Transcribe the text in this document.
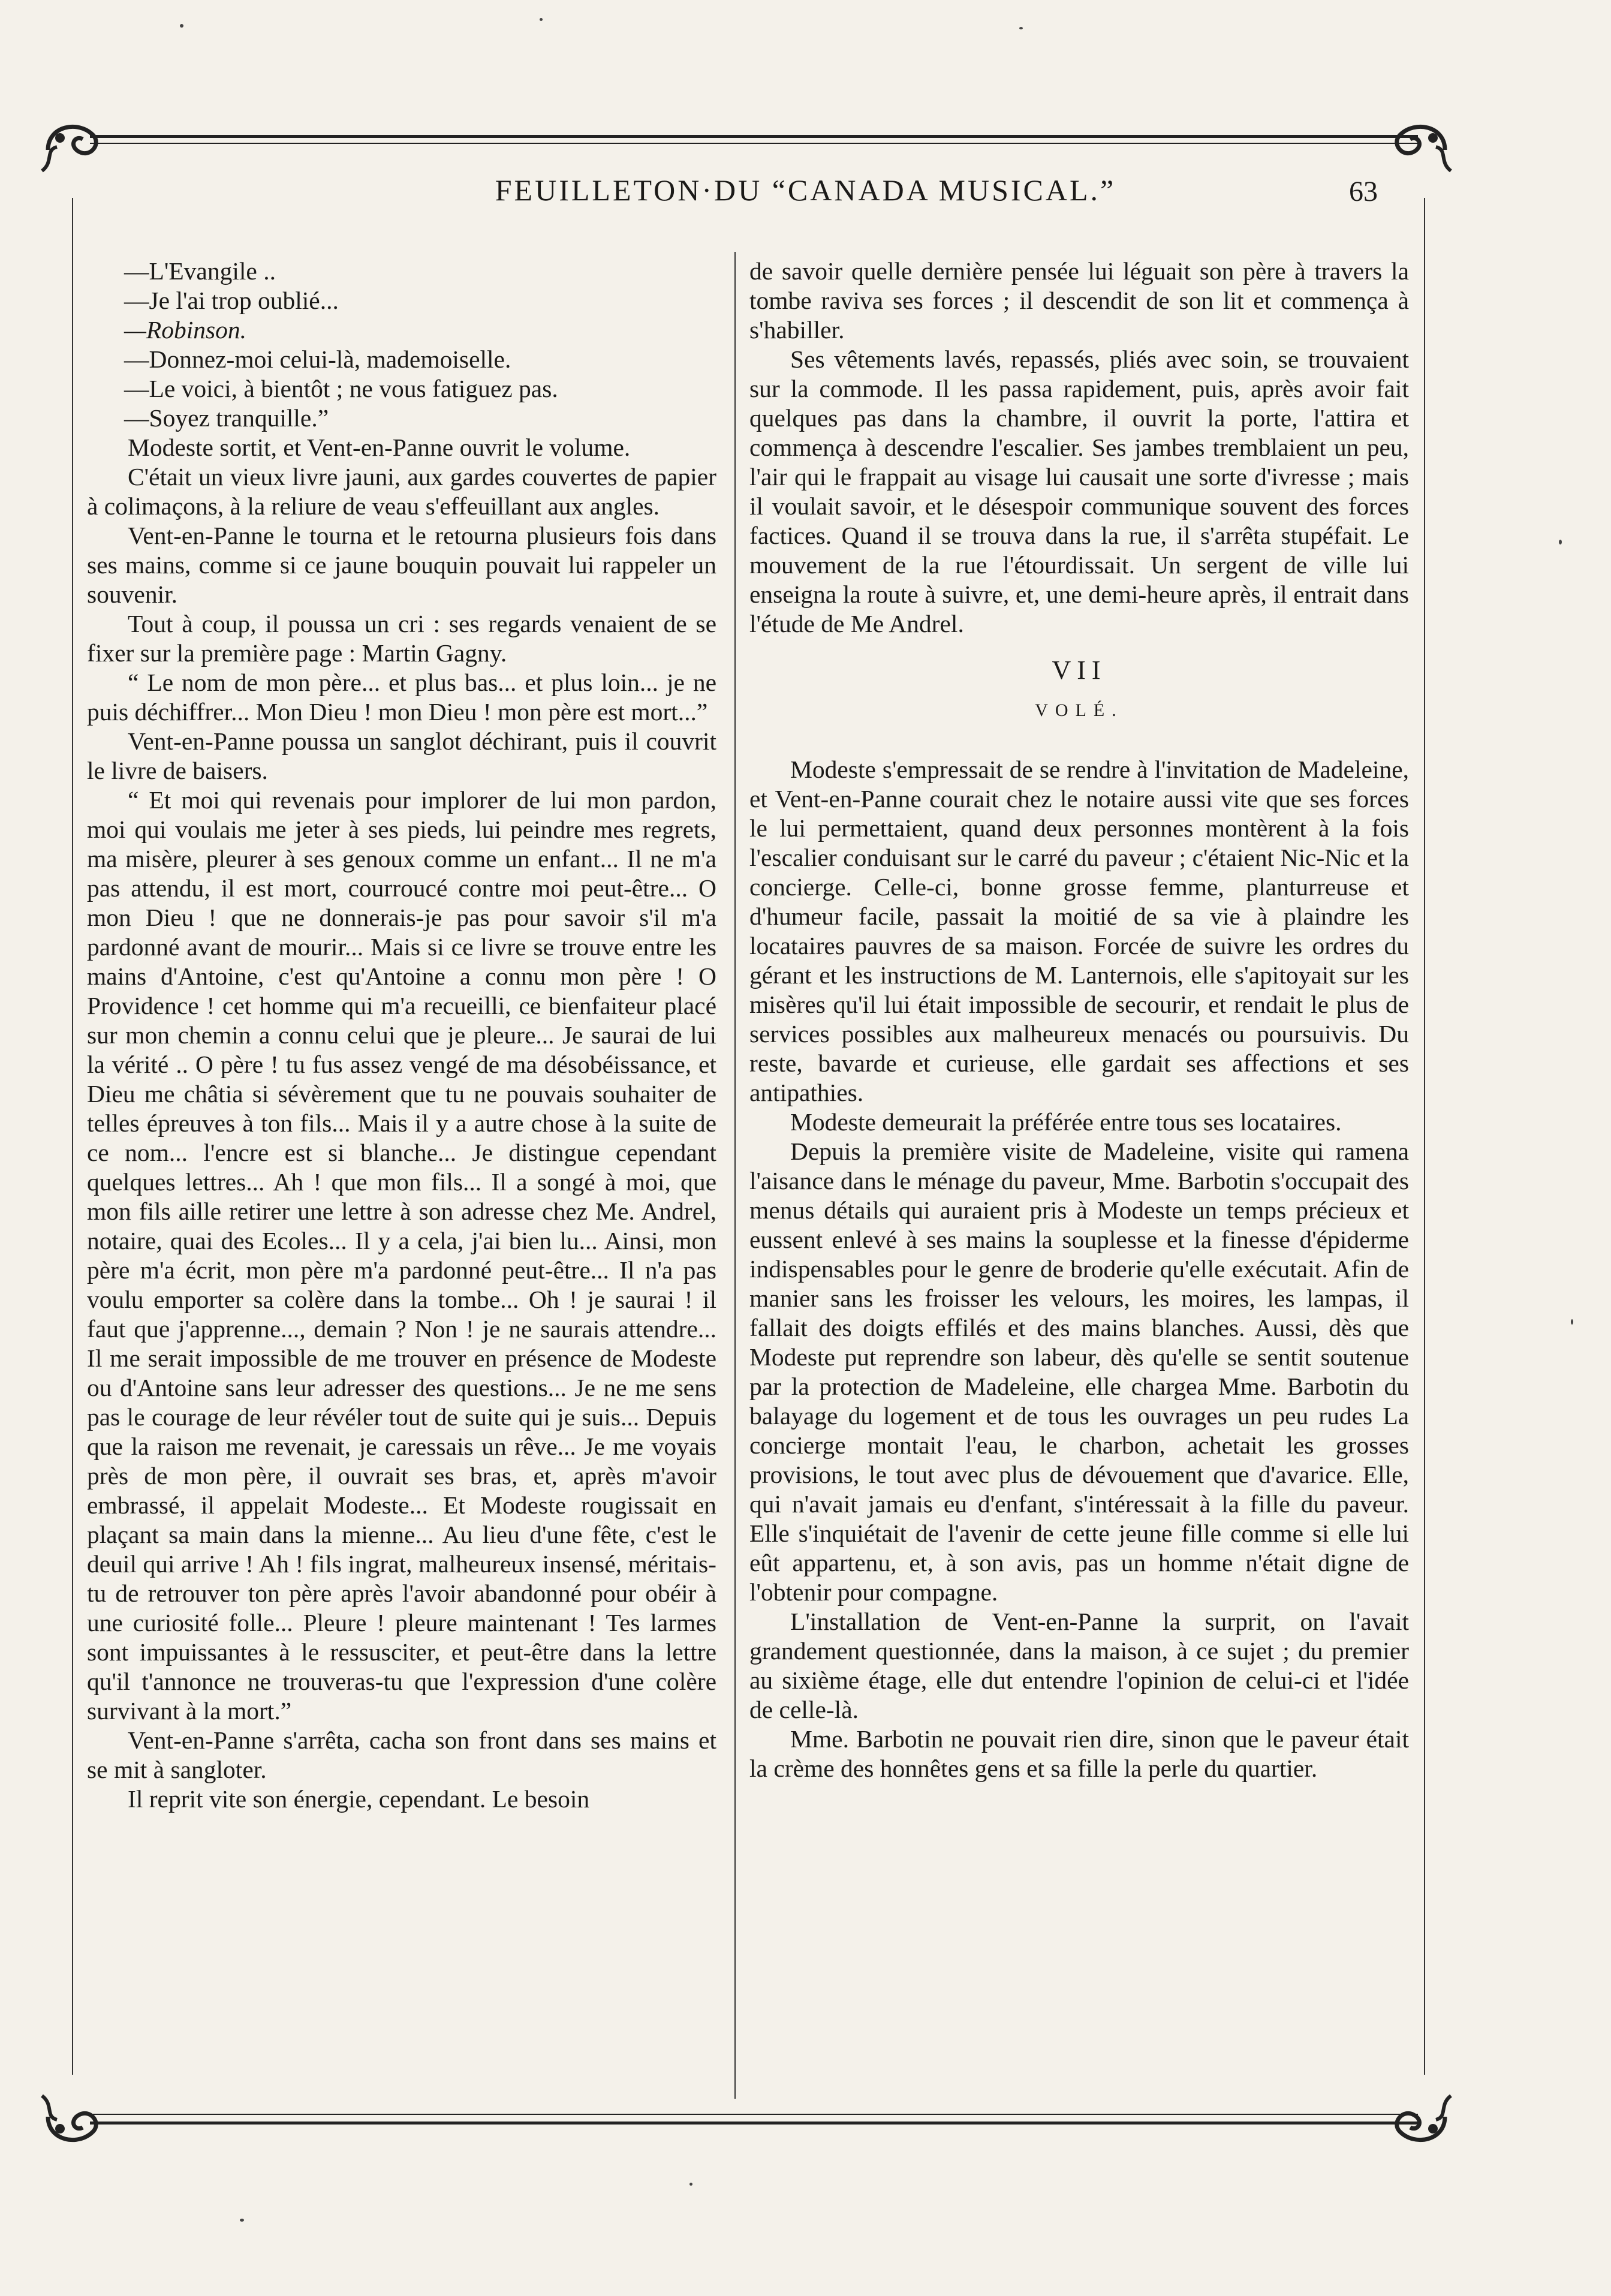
FEUILLETON·DU “CANADA MUSICAL.”	63

—L'Evangile ..

—Je l'ai trop oublié...

—Robinson.

—Donnez-moi celui-là, mademoiselle.

—Le voici, à bientôt ; ne vous fatiguez pas.

—Soyez tranquille.”

Modeste sortit, et Vent-en-Panne ouvrit le volume.

C'était un vieux livre jauni, aux gardes couvertes de papier à colimaçons, à la reliure de veau s'effeuillant aux angles.

Vent-en-Panne le tourna et le retourna plusieurs fois dans ses mains, comme si ce jaune bouquin pouvait lui rappeler un souvenir.

Tout à coup, il poussa un cri : ses regards venaient de se fixer sur la première page : Martin Gagny.

“ Le nom de mon père... et plus bas... et plus loin... je ne puis déchiffrer... Mon Dieu ! mon Dieu ! mon père est mort...”

Vent-en-Panne poussa un sanglot déchirant, puis il couvrit le livre de baisers.

“ Et moi qui revenais pour implorer de lui mon pardon, moi qui voulais me jeter à ses pieds, lui peindre mes regrets, ma misère, pleurer à ses genoux comme un enfant... Il ne m'a pas attendu, il est mort, courroucé contre moi peut-être... O mon Dieu ! que ne donnerais-je pas pour savoir s'il m'a pardonné avant de mourir... Mais si ce livre se trouve entre les mains d'Antoine, c'est qu'Antoine a connu mon père ! O Providence ! cet homme qui m'a recueilli, ce bienfaiteur placé sur mon chemin a connu celui que je pleure... Je saurai de lui la vérité .. O père ! tu fus assez vengé de ma désobéissance, et Dieu me châtia si sévèrement que tu ne pouvais souhaiter de telles épreuves à ton fils... Mais il y a autre chose à la suite de ce nom... l'encre est si blanche... Je distingue cependant quelques lettres... Ah ! que mon fils... Il a songé à moi, que mon fils aille retirer une lettre à son adresse chez Me. Andrel, notaire, quai des Ecoles... Il y a cela, j'ai bien lu... Ainsi, mon père m'a écrit, mon père m'a pardonné peut-être... Il n'a pas voulu emporter sa colère dans la tombe... Oh ! je saurai ! il faut que j'apprenne..., demain ? Non ! je ne saurais attendre... Il me serait impossible de me trouver en présence de Modeste ou d'Antoine sans leur adresser des questions... Je ne me sens pas le courage de leur révéler tout de suite qui je suis... Depuis que la raison me revenait, je caressais un rêve... Je me voyais près de mon père, il ouvrait ses bras, et, après m'avoir embrassé, il appelait Modeste... Et Modeste rougissait en plaçant sa main dans la mienne... Au lieu d'une fête, c'est le deuil qui arrive ! Ah ! fils ingrat, malheureux insensé, méritais-tu de retrouver ton père après l'avoir abandonné pour obéir à une curiosité folle... Pleure ! pleure maintenant ! Tes larmes sont impuissantes à le ressusciter, et peut-être dans la lettre qu'il t'annonce ne trouveras-tu que l'expression d'une colère survivant à la mort.”

Vent-en-Panne s'arrêta, cacha son front dans ses mains et se mit à sangloter.

Il reprit vite son énergie, cependant. Le besoin

de savoir quelle dernière pensée lui léguait son père à travers la tombe raviva ses forces ; il descendit de son lit et commença à s'habiller.

Ses vêtements lavés, repassés, pliés avec soin, se trouvaient sur la commode. Il les passa rapidement, puis, après avoir fait quelques pas dans la chambre, il ouvrit la porte, l'attira et commença à descendre l'escalier. Ses jambes tremblaient un peu, l'air qui le frappait au visage lui causait une sorte d'ivresse ; mais il voulait savoir, et le désespoir communique souvent des forces factices. Quand il se trouva dans la rue, il s'arrêta stupéfait. Le mouvement de la rue l'étourdissait. Un sergent de ville lui enseigna la route à suivre, et, une demi-heure après, il entrait dans l'étude de Me Andrel.

VII

VOLÉ.

Modeste s'empressait de se rendre à l'invitation de Madeleine, et Vent-en-Panne courait chez le notaire aussi vite que ses forces le lui permettaient, quand deux personnes montèrent à la fois l'escalier conduisant sur le carré du paveur ; c'étaient Nic-Nic et la concierge. Celle-ci, bonne grosse femme, planturreuse et d'humeur facile, passait la moitié de sa vie à plaindre les locataires pauvres de sa maison. Forcée de suivre les ordres du gérant et les instructions de M. Lanternois, elle s'apitoyait sur les misères qu'il lui était impossible de secourir, et rendait le plus de services possibles aux malheureux menacés ou poursuivis. Du reste, bavarde et curieuse, elle gardait ses affections et ses antipathies.

Modeste demeurait la préférée entre tous ses locataires.

Depuis la première visite de Madeleine, visite qui ramena l'aisance dans le ménage du paveur, Mme. Barbotin s'occupait des menus détails qui auraient pris à Modeste un temps précieux et eussent enlevé à ses mains la souplesse et la finesse d'épiderme indispensables pour le genre de broderie qu'elle exécutait. Afin de manier sans les froisser les velours, les moires, les lampas, il fallait des doigts effilés et des mains blanches. Aussi, dès que Modeste put reprendre son labeur, dès qu'elle se sentit soutenue par la protection de Madeleine, elle chargea Mme. Barbotin du balayage du logement et de tous les ouvrages un peu rudes La concierge montait l'eau, le charbon, achetait les grosses provisions, le tout avec plus de dévouement que d'avarice. Elle, qui n'avait jamais eu d'enfant, s'intéressait à la fille du paveur. Elle s'inquiétait de l'avenir de cette jeune fille comme si elle lui eût appartenu, et, à son avis, pas un homme n'était digne de l'obtenir pour compagne.

L'installation de Vent-en-Panne la surprit, on l'avait grandement questionnée, dans la maison, à ce sujet ; du premier au sixième étage, elle dut entendre l'opinion de celui-ci et l'idée de celle-là.

Mme. Barbotin ne pouvait rien dire, sinon que le paveur était la crème des honnêtes gens et sa fille la perle du quartier.
